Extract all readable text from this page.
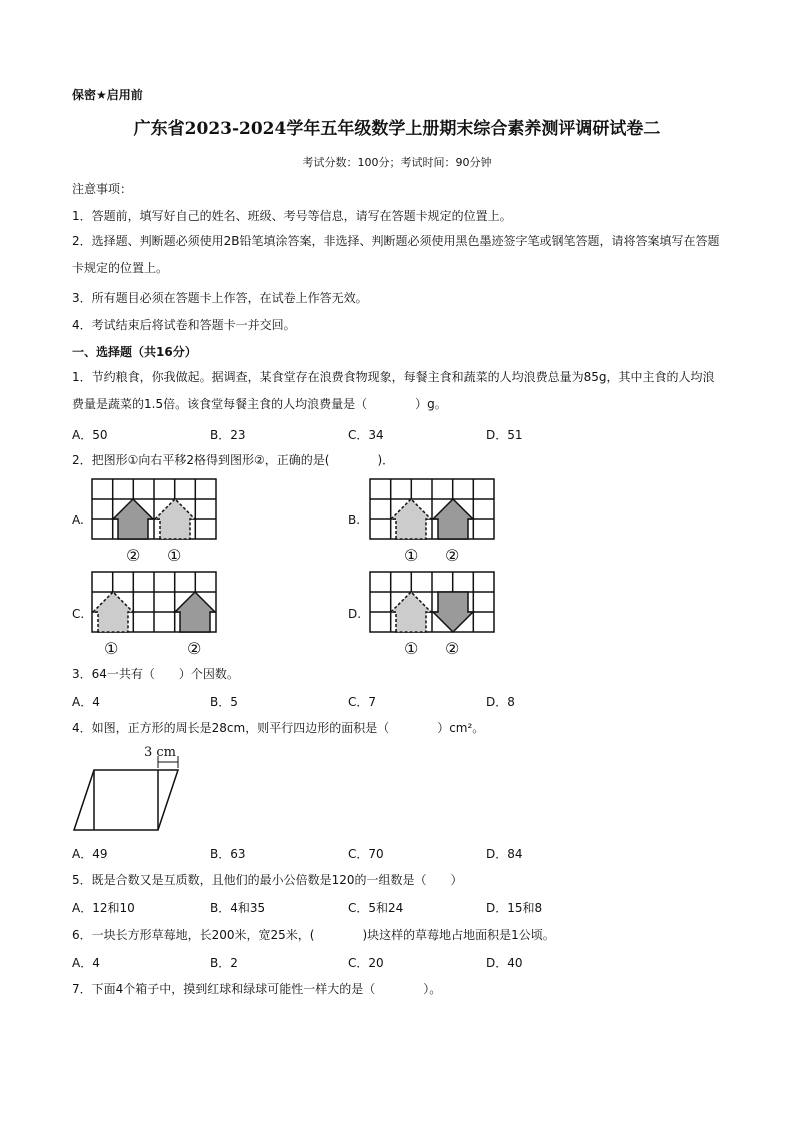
保密★启用前
广东省2023-2024学年五年级数学上册期末综合素养测评调研试卷二
考试分数：100分；考试时间：90分钟
注意事项：
1．答题前，填写好自己的姓名、班级、考号等信息，请写在答题卡规定的位置上。
2．选择题、判断题必须使用2B铅笔填涂答案，非选择、判断题必须使用黑色墨迹签字笔或钢笔答题，请将答案填写在答题卡规定的位置上。
3．所有题目必须在答题卡上作答，在试卷上作答无效。
4．考试结束后将试卷和答题卡一并交回。
一、选择题（共16分）
1．节约粮食，你我做起。据调查，某食堂存在浪费食物现象，每餐主食和蔬菜的人均浪费总量为85g，其中主食的人均浪费量是蔬菜的1.5倍。该食堂每餐主食的人均浪费量是（　　　　）g。
A．50	B．23	C．34	D．51
2．把图形①向右平移2格得到图形②，正确的是(　　　　)．
A.
② ①
B.
① ②
C.
①	②
D.
① ②
3．64一共有（　　）个因数。
A．4	B．5	C．7	D．8
4．如图，正方形的周长是28cm，则平行四边形的面积是（　　　　）cm²。
3 cm
A．49	B．63	C．70	D．84
5．既是合数又是互质数，且他们的最小公倍数是120的一组数是（　　）
A．12和10	B．4和35	C．5和24	D．15和8
6．一块长方形草莓地，长200米，宽25米，(　　　　)块这样的草莓地占地面积是1公顷。
A．4	B．2	C．20	D．40
7．下面4个箱子中，摸到红球和绿球可能性一样大的是（　　　　）。
